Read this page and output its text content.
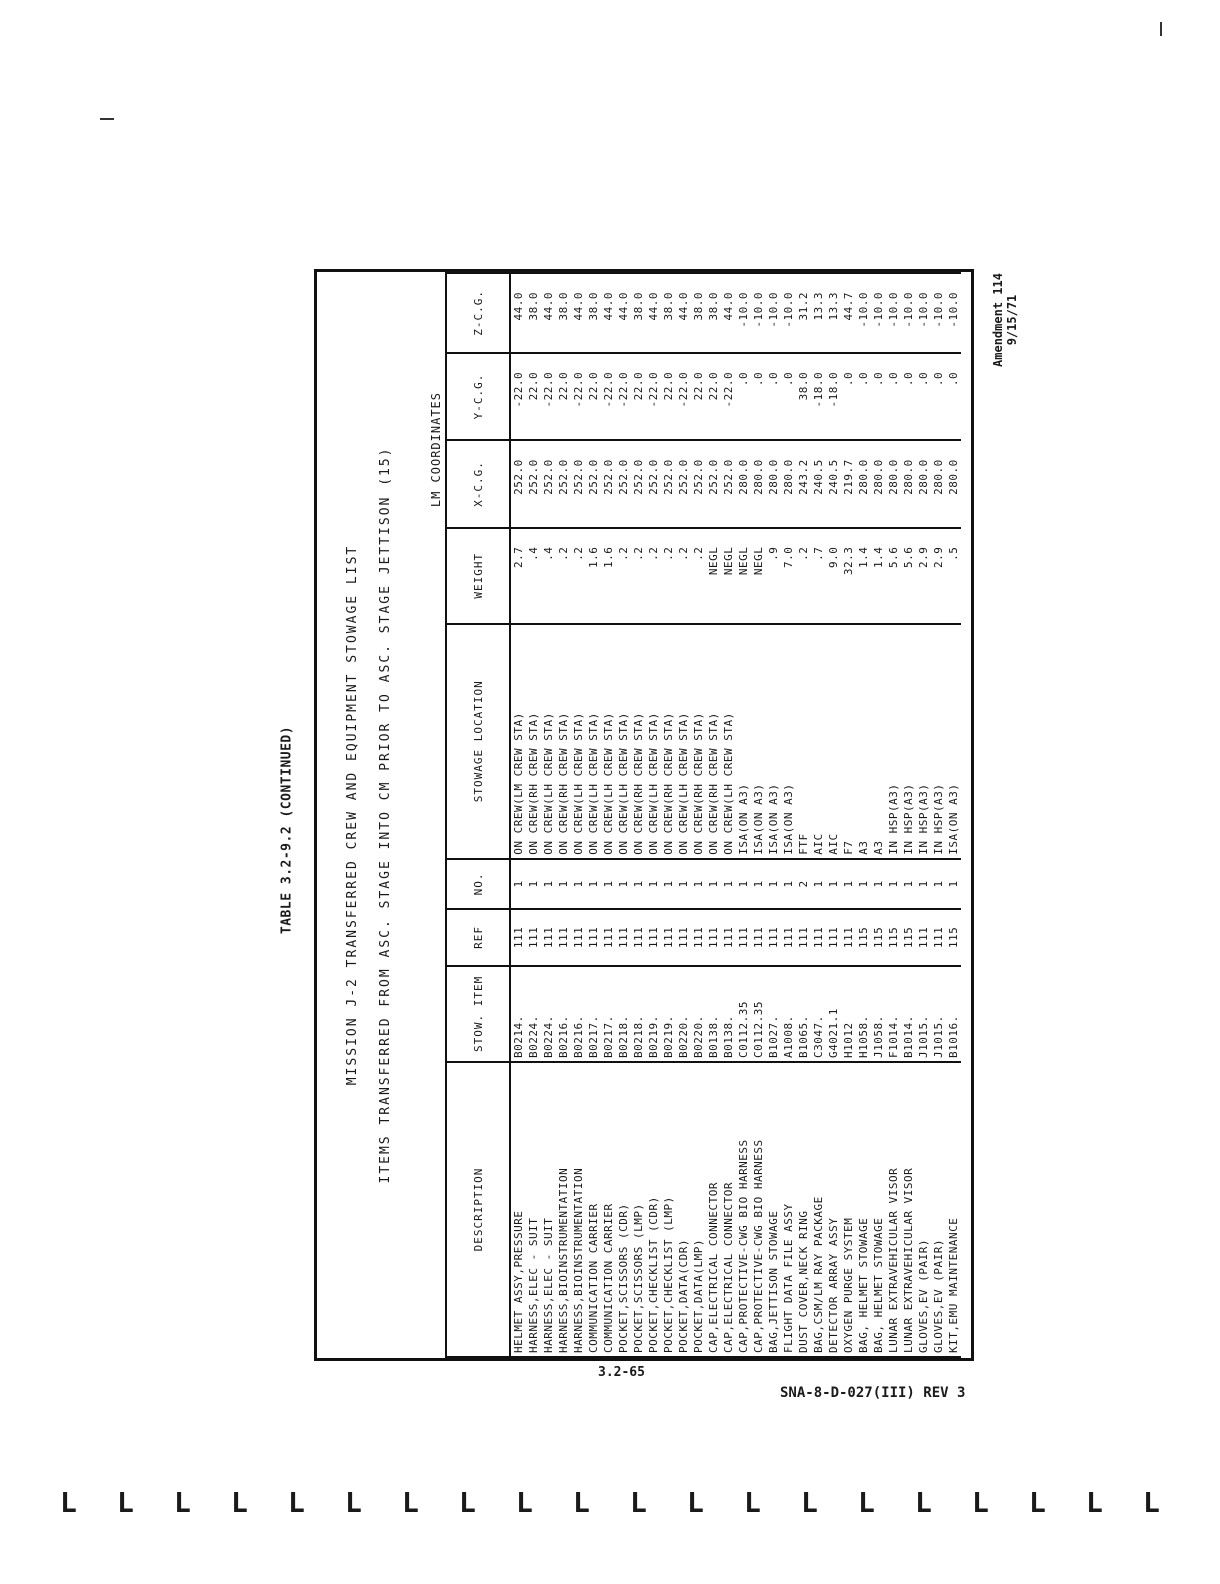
Amendment 114 9/15/71
TABLE 3.2-9.2 (CONTINUED)	MISSION J-2 TRANSFERRED CREW AND EQUIPMENT STOWAGE LIST	ITEMS TRANSFERRED FROM ASC. STAGE INTO CM PRIOR TO ASC. STAGE JETTISON (15)	LM COORDINATES
DESCRIPTION	STOW. ITEM	REF	NO.	STOWAGE LOCATION	WEIGHT	X-C.G.	Y-C.G.	Z-C.G.
HELMET ASSY,PRESSURE	B0214.	111	1	ON CREW(LM CREW STA)	2.7	252.0	-22.0	44.0
HARNESS,ELEC - SUIT	B0224.	111	1	ON CREW(RH CREW STA)	.4	252.0	22.0	38.0
HARNESS,ELEC - SUIT	B0224.	111	1	ON CREW(LH CREW STA)	.4	252.0	-22.0	44.0
HARNESS,BIOINSTRUMENTATION	B0216.	111	1	ON CREW(RH CREW STA)	.2	252.0	22.0	38.0
HARNESS,BIOINSTRUMENTATION	B0216.	111	1	ON CREW(LH CREW STA)	.2	252.0	-22.0	44.0
COMMUNICATION CARRIER	B0217.	111	1	ON CREW(LH CREW STA)	1.6	252.0	22.0	38.0
COMMUNICATION CARRIER	B0217.	111	1	ON CREW(LH CREW STA)	1.6	252.0	-22.0	44.0
POCKET,SCISSORS (CDR)	B0218.	111	1	ON CREW(LH CREW STA)	.2	252.0	-22.0	44.0
POCKET,SCISSORS (LMP)	B0218.	111	1	ON CREW(RH CREW STA)	.2	252.0	22.0	38.0
POCKET,CHECKLIST (CDR)	B0219.	111	1	ON CREW(LH CREW STA)	.2	252.0	-22.0	44.0
POCKET,CHECKLIST (LMP)	B0219.	111	1	ON CREW(RH CREW STA)	.2	252.0	22.0	38.0
POCKET,DATA(CDR)	B0220.	111	1	ON CREW(LH CREW STA)	.2	252.0	-22.0	44.0
POCKET,DATA(LMP)	B0220.	111	1	ON CREW(RH CREW STA)	.2	252.0	22.0	38.0
CAP,ELECTRICAL CONNECTOR	B0138.	111	1	ON CREW(RH CREW STA)	NEGL	252.0	22.0	38.0
CAP,ELECTRICAL CONNECTOR	B0138.	111	1	ON CREW(LH CREW STA)	NEGL	252.0	-22.0	44.0
CAP,PROTECTIVE-CWG BIO HARNESS	C0112.35	111	1	ISA(ON A3)	NEGL	280.0	.0	-10.0
CAP,PROTECTIVE-CWG BIO HARNESS	C0112.35	111	1	ISA(ON A3)	NEGL	280.0	.0	-10.0
BAG,JETTISON STOWAGE	B1027.	111	1	ISA(ON A3)	.9	280.0	.0	-10.0
FLIGHT DATA FILE ASSY	A1008.	111	1	ISA(ON A3)	7.0	280.0	.0	-10.0
DUST COVER,NECK RING	B1065.	111	2	FTF	.2	243.2	38.0	31.2
BAG,CSM/LM RAY PACKAGE	C3047.	111	1	AIC	.7	240.5	-18.0	13.3
DETECTOR ARRAY ASSY	G4021.1	111	1	AIC	9.0	240.5	-18.0	13.3
OXYGEN PURGE SYSTEM	H1012	111	1	F7	32.3	219.7	.0	44.7
BAG, HELMET STOWAGE	H1058.	115	1	A3	1.4	280.0	.0	-10.0
BAG, HELMET STOWAGE	J1058.	115	1	A3	1.4	280.0	.0	-10.0
LUNAR EXTRAVEHICULAR VISOR	F1014.	115	1	IN HSP(A3)	5.6	280.0	.0	-10.0
LUNAR EXTRAVEHICULAR VISOR	B1014.	115	1	IN HSP(A3)	5.6	280.0	.0	-10.0
GLOVES,EV (PAIR)	J1015.	111	1	IN HSP(A3)	2.9	280.0	.0	-10.0
GLOVES,EV (PAIR)	J1015.	111	1	IN HSP(A3)	2.9	280.0	.0	-10.0
KIT,EMU MAINTENANCE	B1016.	115	1	ISA(ON A3)	.5	280.0	.0	-10.0
3.2-65
SNA-8-D-027(III) REV 3
L L L L L L L L L L L L L L L L L L L L
